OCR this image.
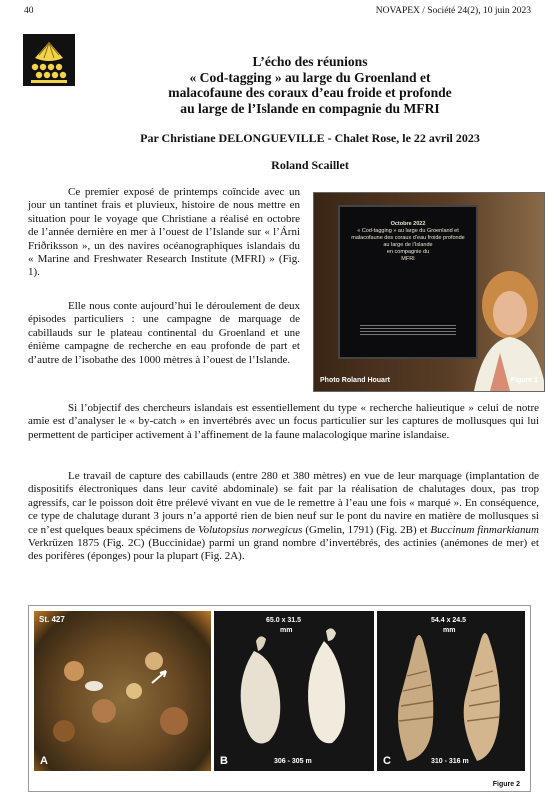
40	NOVAPEX / Société 24(2), 10 juin 2023
L’écho des réunions
« Cod-tagging » au large du Groenland et
malacofaune des coraux d’eau froide et profonde
au large de l’Islande en compagnie du MFRI
Par Christiane DELONGUEVILLE - Chalet Rose, le 22 avril 2023
Roland Scaillet

Ce premier exposé de printemps coïncide avec un jour un tantinet frais et pluvieux, histoire de nous mettre en situation pour le voyage que Christiane a réalisé en octobre de l’année dernière en mer à l’ouest de l’Islande sur « l’Árni Friðriksson », un des navires océanographiques islandais du « Marine and Freshwater Research Institute (MFRI) » (Fig. 1).

Elle nous conte aujourd’hui le déroulement de deux épisodes particuliers : une campagne de marquage de cabillauds sur le plateau continental du Groenland et une énième campagne de recherche en eau profonde de part et d’autre de l’isobathe des 1000 mètres à l’ouest de l’Islande.

Octobre 2022
« Cod-tagging » au large du Groenland et
malacofaune des coraux d’eau froide profonde
au large de l’Islande
en compagnie du
MFRI
Photo Roland Houart	Figure 1

Si l’objectif des chercheurs islandais est essentiellement du type « recherche halieutique » celui de notre amie est d’analyser le « by-catch » en invertébrés avec un focus particulier sur les captures de mollusques qui lui permettent de participer activement à l’affinement de la faune malacologique marine islandaise.

Le travail de capture des cabillauds (entre 280 et 380 mètres) en vue de leur marquage (implantation de dispositifs électroniques dans leur cavité abdominale) se fait par la réalisation de chalutages doux, pas trop agressifs, car le poisson doit être prélevé vivant en vue de le remettre à l’eau une fois « marqué ». En conséquence, ce type de chalutage durant 3 jours n’a apporté rien de bien neuf sur le pont du navire en matière de mollusques si ce n’est quelques beaux spécimens de Volutopsius norwegicus (Gmelin, 1791) (Fig. 2B) et Buccinum finmarkianum Verkrüzen 1875 (Fig. 2C) (Buccinidae) parmi un grand nombre d’invertébrés, des actinies (anémones de mer) et des porifères (éponges) pour la plupart (Fig. 2A).

St. 427
A
65.0 x 31.5
mm
306 - 305 m
B
54.4 x 24.5
mm
310 - 316 m
C
Figure 2
